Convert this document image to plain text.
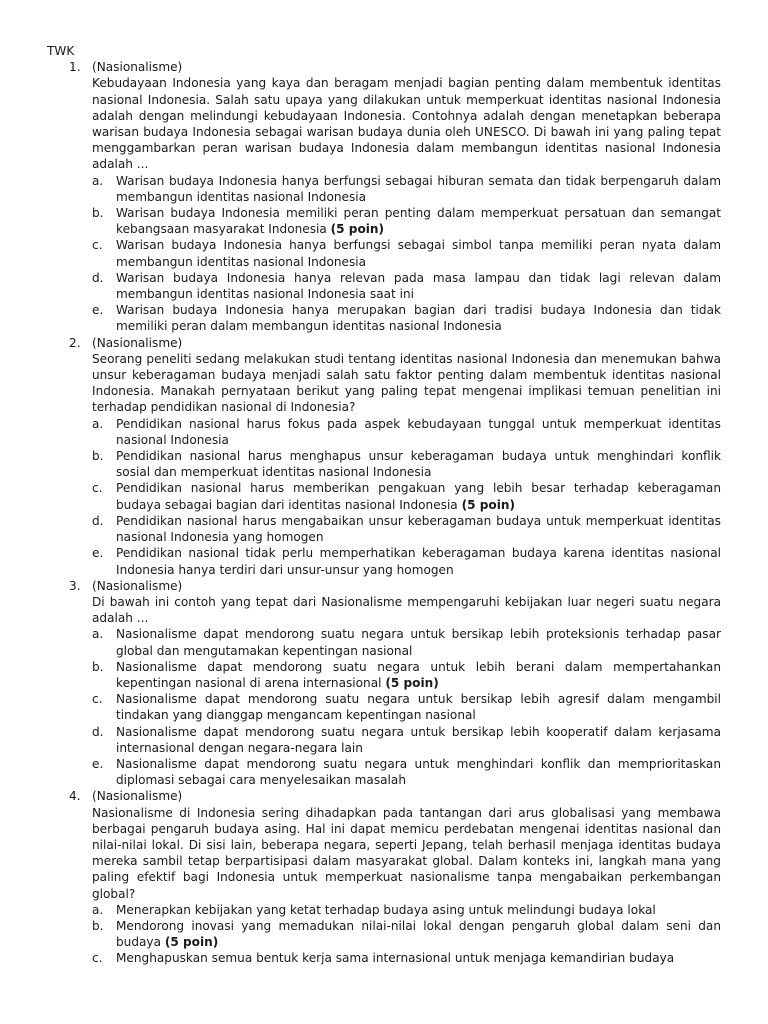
TWK
1. (Nasionalisme)
Kebudayaan Indonesia yang kaya dan beragam menjadi bagian penting dalam membentuk identitas nasional Indonesia. Salah satu upaya yang dilakukan untuk memperkuat identitas nasional Indonesia adalah dengan melindungi kebudayaan Indonesia. Contohnya adalah dengan menetapkan beberapa warisan budaya Indonesia sebagai warisan budaya dunia oleh UNESCO. Di bawah ini yang paling tepat menggambarkan peran warisan budaya Indonesia dalam membangun identitas nasional Indonesia adalah ...
a. Warisan budaya Indonesia hanya berfungsi sebagai hiburan semata dan tidak berpengaruh dalam membangun identitas nasional Indonesia
b. Warisan budaya Indonesia memiliki peran penting dalam memperkuat persatuan dan semangat kebangsaan masyarakat Indonesia (5 poin)
c. Warisan budaya Indonesia hanya berfungsi sebagai simbol tanpa memiliki peran nyata dalam membangun identitas nasional Indonesia
d. Warisan budaya Indonesia hanya relevan pada masa lampau dan tidak lagi relevan dalam membangun identitas nasional Indonesia saat ini
e. Warisan budaya Indonesia hanya merupakan bagian dari tradisi budaya Indonesia dan tidak memiliki peran dalam membangun identitas nasional Indonesia
2. (Nasionalisme)
Seorang peneliti sedang melakukan studi tentang identitas nasional Indonesia dan menemukan bahwa unsur keberagaman budaya menjadi salah satu faktor penting dalam membentuk identitas nasional Indonesia. Manakah pernyataan berikut yang paling tepat mengenai implikasi temuan penelitian ini terhadap pendidikan nasional di Indonesia?
a. Pendidikan nasional harus fokus pada aspek kebudayaan tunggal untuk memperkuat identitas nasional Indonesia
b. Pendidikan nasional harus menghapus unsur keberagaman budaya untuk menghindari konflik sosial dan memperkuat identitas nasional Indonesia
c. Pendidikan nasional harus memberikan pengakuan yang lebih besar terhadap keberagaman budaya sebagai bagian dari identitas nasional Indonesia (5 poin)
d. Pendidikan nasional harus mengabaikan unsur keberagaman budaya untuk memperkuat identitas nasional Indonesia yang homogen
e. Pendidikan nasional tidak perlu memperhatikan keberagaman budaya karena identitas nasional Indonesia hanya terdiri dari unsur-unsur yang homogen
3. (Nasionalisme)
Di bawah ini contoh yang tepat dari Nasionalisme mempengaruhi kebijakan luar negeri suatu negara adalah ...
a. Nasionalisme dapat mendorong suatu negara untuk bersikap lebih proteksionis terhadap pasar global dan mengutamakan kepentingan nasional
b. Nasionalisme dapat mendorong suatu negara untuk lebih berani dalam mempertahankan kepentingan nasional di arena internasional (5 poin)
c. Nasionalisme dapat mendorong suatu negara untuk bersikap lebih agresif dalam mengambil tindakan yang dianggap mengancam kepentingan nasional
d. Nasionalisme dapat mendorong suatu negara untuk bersikap lebih kooperatif dalam kerjasama internasional dengan negara-negara lain
e. Nasionalisme dapat mendorong suatu negara untuk menghindari konflik dan memprioritaskan diplomasi sebagai cara menyelesaikan masalah
4. (Nasionalisme)
Nasionalisme di Indonesia sering dihadapkan pada tantangan dari arus globalisasi yang membawa berbagai pengaruh budaya asing. Hal ini dapat memicu perdebatan mengenai identitas nasional dan nilai-nilai lokal. Di sisi lain, beberapa negara, seperti Jepang, telah berhasil menjaga identitas budaya mereka sambil tetap berpartisipasi dalam masyarakat global. Dalam konteks ini, langkah mana yang paling efektif bagi Indonesia untuk memperkuat nasionalisme tanpa mengabaikan perkembangan global?
a. Menerapkan kebijakan yang ketat terhadap budaya asing untuk melindungi budaya lokal
b. Mendorong inovasi yang memadukan nilai-nilai lokal dengan pengaruh global dalam seni dan budaya (5 poin)
c. Menghapuskan semua bentuk kerja sama internasional untuk menjaga kemandirian budaya
